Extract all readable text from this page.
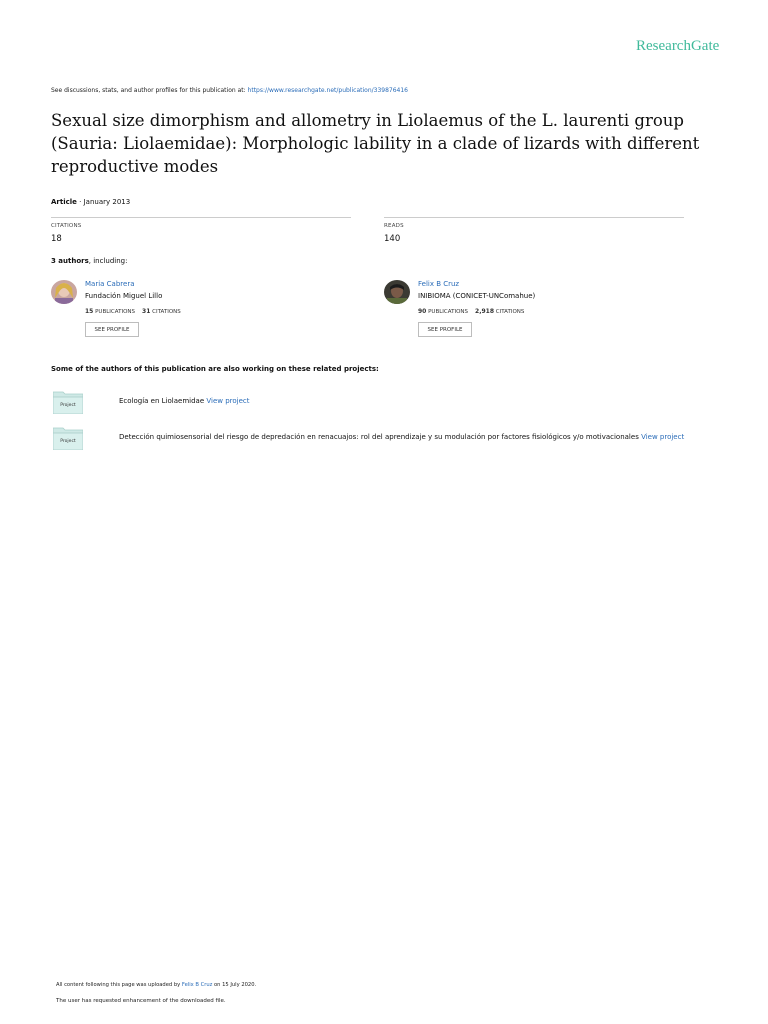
ResearchGate
See discussions, stats, and author profiles for this publication at: https://www.researchgate.net/publication/339876416
Sexual size dimorphism and allometry in Liolaemus of the L. laurenti group (Sauria: Liolaemidae): Morphologic lability in a clade of lizards with different reproductive modes
Article · January 2013
CITATIONS
18
READS
140
3 authors, including:
Maria Cabrera
Fundación Miguel Lillo
15 PUBLICATIONS 31 CITATIONS
SEE PROFILE
Felix B Cruz
INIBIOMA (CONICET-UNComahue)
90 PUBLICATIONS 2,918 CITATIONS
SEE PROFILE
Some of the authors of this publication are also working on these related projects:
Project
Ecología en Liolaemidae View project
Project
Detección quimiosensorial del riesgo de depredación en renacuajos: rol del aprendizaje y su modulación por factores fisiológicos y/o motivacionales View project
All content following this page was uploaded by Felix B Cruz on 15 July 2020.
The user has requested enhancement of the downloaded file.
